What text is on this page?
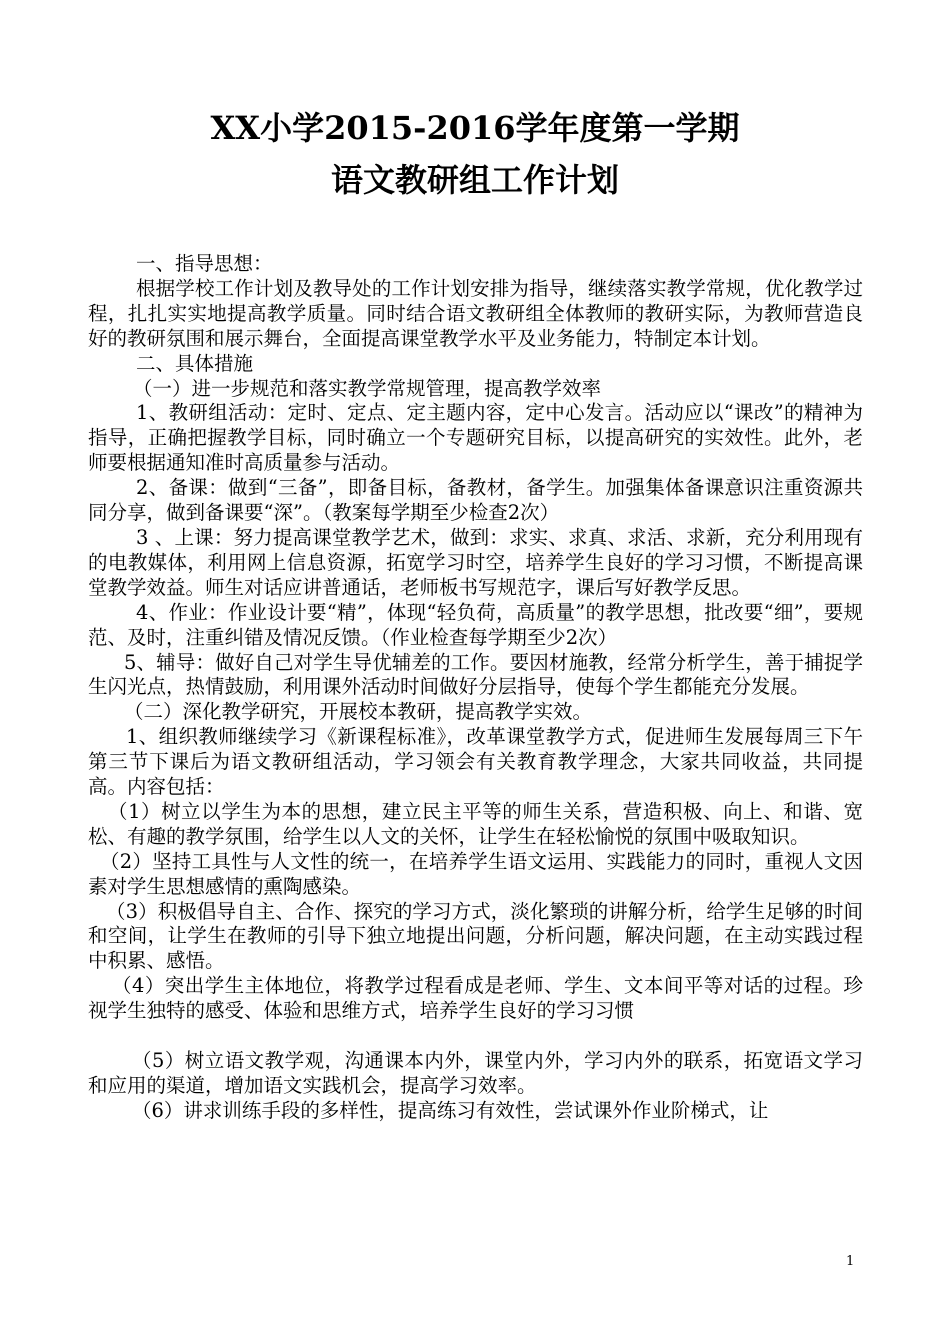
XX小学2015-2016学年度第一学期
语文教研组工作计划

一、指导思想：

根据学校工作计划及教导处的工作计划安排为指导，继续落实教学常规，优化教学过程，扎扎实实地提高教学质量。同时结合语文教研组全体教师的教研实际，为教师营造良好的教研氛围和展示舞台，全面提高课堂教学水平及业务能力，特制定本计划。

二、具体措施

（一）进一步规范和落实教学常规管理，提高教学效率

1、教研组活动：定时、定点、定主题内容，定中心发言。活动应以“课改”的精神为指导，正确把握教学目标，同时确立一个专题研究目标，以提高研究的实效性。此外，老师要根据通知准时高质量参与活动。

2、备课：做到“三备”，即备目标，备教材，备学生。加强集体备课意识注重资源共同分享，做到备课要“深”。（教案每学期至少检查2次）

3 、上课：努力提高课堂教学艺术，做到：求实、求真、求活、求新，充分利用现有的电教媒体，利用网上信息资源，拓宽学习时空，培养学生良好的学习习惯，不断提高课堂教学效益。师生对话应讲普通话，老师板书写规范字，课后写好教学反思。

4、作业：作业设计要“精”，体现“轻负荷，高质量”的教学思想，批改要“细”，要规范、及时，注重纠错及情况反馈。（作业检查每学期至少2次）

5、辅导：做好自己对学生导优辅差的工作。要因材施教，经常分析学生，善于捕捉学生闪光点，热情鼓励，利用课外活动时间做好分层指导，使每个学生都能充分发展。

（二）深化教学研究，开展校本教研，提高教学实效。

1、组织教师继续学习《新课程标准》，改革课堂教学方式，促进师生发展每周三下午第三节下课后为语文教研组活动，学习领会有关教育教学理念，大家共同收益，共同提高。内容包括：

（1）树立以学生为本的思想，建立民主平等的师生关系，营造积极、向上、和谐、宽松、有趣的教学氛围，给学生以人文的关怀，让学生在轻松愉悦的氛围中吸取知识。

（2）坚持工具性与人文性的统一，在培养学生语文运用、实践能力的同时，重视人文因素对学生思想感情的熏陶感染。

（3）积极倡导自主、合作、探究的学习方式，淡化繁琐的讲解分析，给学生足够的时间和空间，让学生在教师的引导下独立地提出问题，分析问题，解决问题，在主动实践过程中积累、感悟。

（4）突出学生主体地位，将教学过程看成是老师、学生、文本间平等对话的过程。珍视学生独特的感受、体验和思维方式，培养学生良好的学习习惯

（5）树立语文教学观，沟通课本内外，课堂内外，学习内外的联系，拓宽语文学习和应用的渠道，增加语文实践机会，提高学习效率。

（6）讲求训练手段的多样性，提高练习有效性，尝试课外作业阶梯式，让

1
